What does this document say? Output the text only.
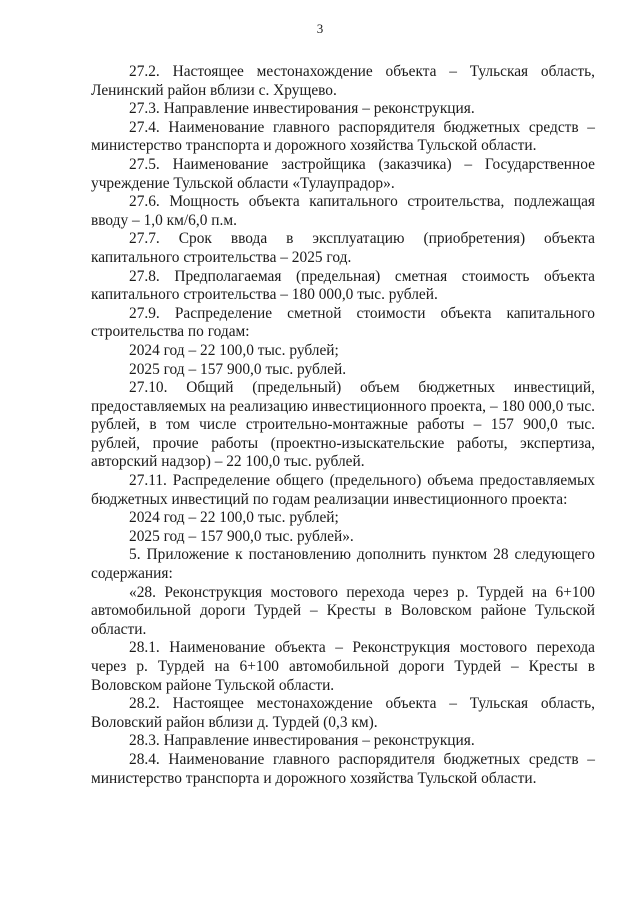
3

27.2. Настоящее местонахождение объекта – Тульская область, Ленинский район вблизи с. Хрущево.

27.3. Направление инвестирования – реконструкция.

27.4. Наименование главного распорядителя бюджетных средств – министерство транспорта и дорожного хозяйства Тульской области.

27.5. Наименование застройщика (заказчика) – Государственное учреждение Тульской области «Тулаупрадор».

27.6. Мощность объекта капитального строительства, подлежащая вводу – 1,0 км/6,0 п.м.

27.7. Срок ввода в эксплуатацию (приобретения) объекта капитального строительства – 2025 год.

27.8. Предполагаемая (предельная) сметная стоимость объекта капитального строительства – 180 000,0 тыс. рублей.

27.9. Распределение сметной стоимости объекта капитального строительства по годам:

2024 год – 22 100,0 тыс. рублей;

2025 год – 157 900,0 тыс. рублей.

27.10. Общий (предельный) объем бюджетных инвестиций, предоставляемых на реализацию инвестиционного проекта, – 180 000,0 тыс. рублей, в том числе строительно-монтажные работы – 157 900,0 тыс. рублей, прочие работы (проектно-изыскательские работы, экспертиза, авторский надзор) – 22 100,0 тыс. рублей.

27.11. Распределение общего (предельного) объема предоставляемых бюджетных инвестиций по годам реализации инвестиционного проекта:

2024 год – 22 100,0 тыс. рублей;

2025 год – 157 900,0 тыс. рублей».

5. Приложение к постановлению дополнить пунктом 28 следующего содержания:

«28. Реконструкция мостового перехода через р. Турдей на 6+100 автомобильной дороги Турдей – Кресты в Воловском районе Тульской области.

28.1. Наименование объекта – Реконструкция мостового перехода через р. Турдей на 6+100 автомобильной дороги Турдей – Кресты в Воловском районе Тульской области.

28.2. Настоящее местонахождение объекта – Тульская область, Воловский район вблизи д. Турдей (0,3 км).

28.3. Направление инвестирования – реконструкция.

28.4. Наименование главного распорядителя бюджетных средств – министерство транспорта и дорожного хозяйства Тульской области.
